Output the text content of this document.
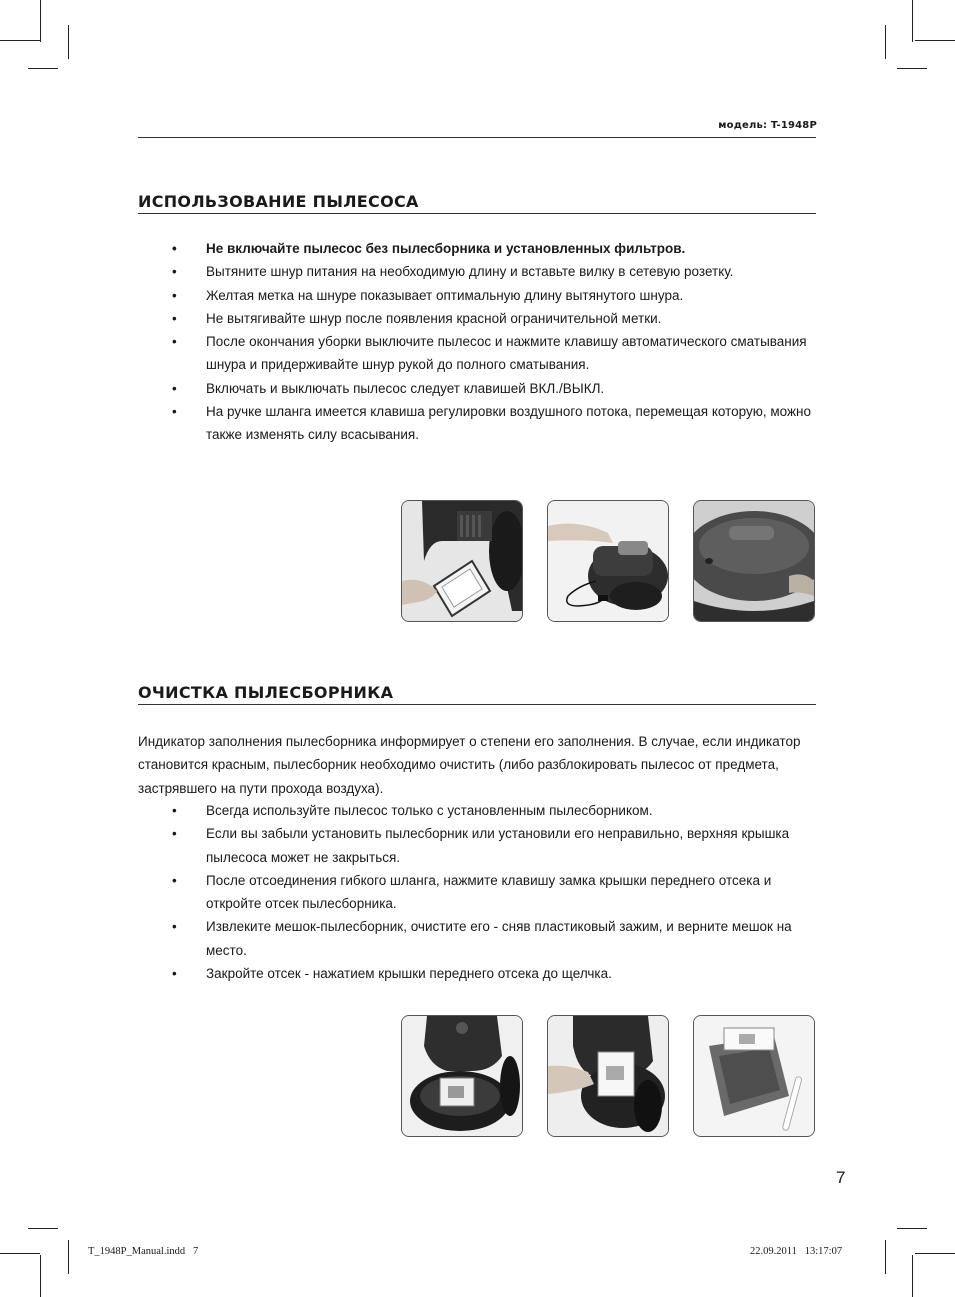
модель: T-1948P
ИСПОЛЬЗОВАНИЕ ПЫЛЕСОСА
• Не включайте пылесос без пылесборника и установленных фильтров.
• Вытяните шнур питания на необходимую длину и вставьте вилку в сетевую розетку.
• Желтая метка на шнуре показывает оптимальную длину вытянутого шнура.
• Не вытягивайте шнур после появления красной ограничительной метки.
• После окончания уборки выключите пылесос и нажмите клавишу автоматического сматывания шнура и придерживайте шнур рукой до полного сматывания.
• Включать и выключать пылесос следует клавишей ВКЛ./ВЫКЛ.
• На ручке шланга имеется клавиша регулировки воздушного потока, перемещая которую, можно также изменять силу всасывания.
ОЧИСТКА ПЫЛЕСБОРНИКА
Индикатор заполнения пылесборника информирует о степени его заполнения. В случае, если индикатор становится красным, пылесборник необходимо очистить (либо разблокировать пылесос от предмета, застрявшего на пути прохода воздуха).
• Всегда используйте пылесос только с установленным пылесборником.
• Если вы забыли установить пылесборник или установили его неправильно, верхняя крышка пылесоса может не закрыться.
• После отсоединения гибкого шланга, нажмите клавишу замка крышки переднего отсека и откройте отсек пылесборника.
• Извлеките мешок-пылесборник, очистите его - сняв пластиковый зажим, и верните мешок на место.
• Закройте отсек - нажатием крышки переднего отсека до щелчка.
7
T_1948P_Manual.indd   7	22.09.2011   13:17:07
